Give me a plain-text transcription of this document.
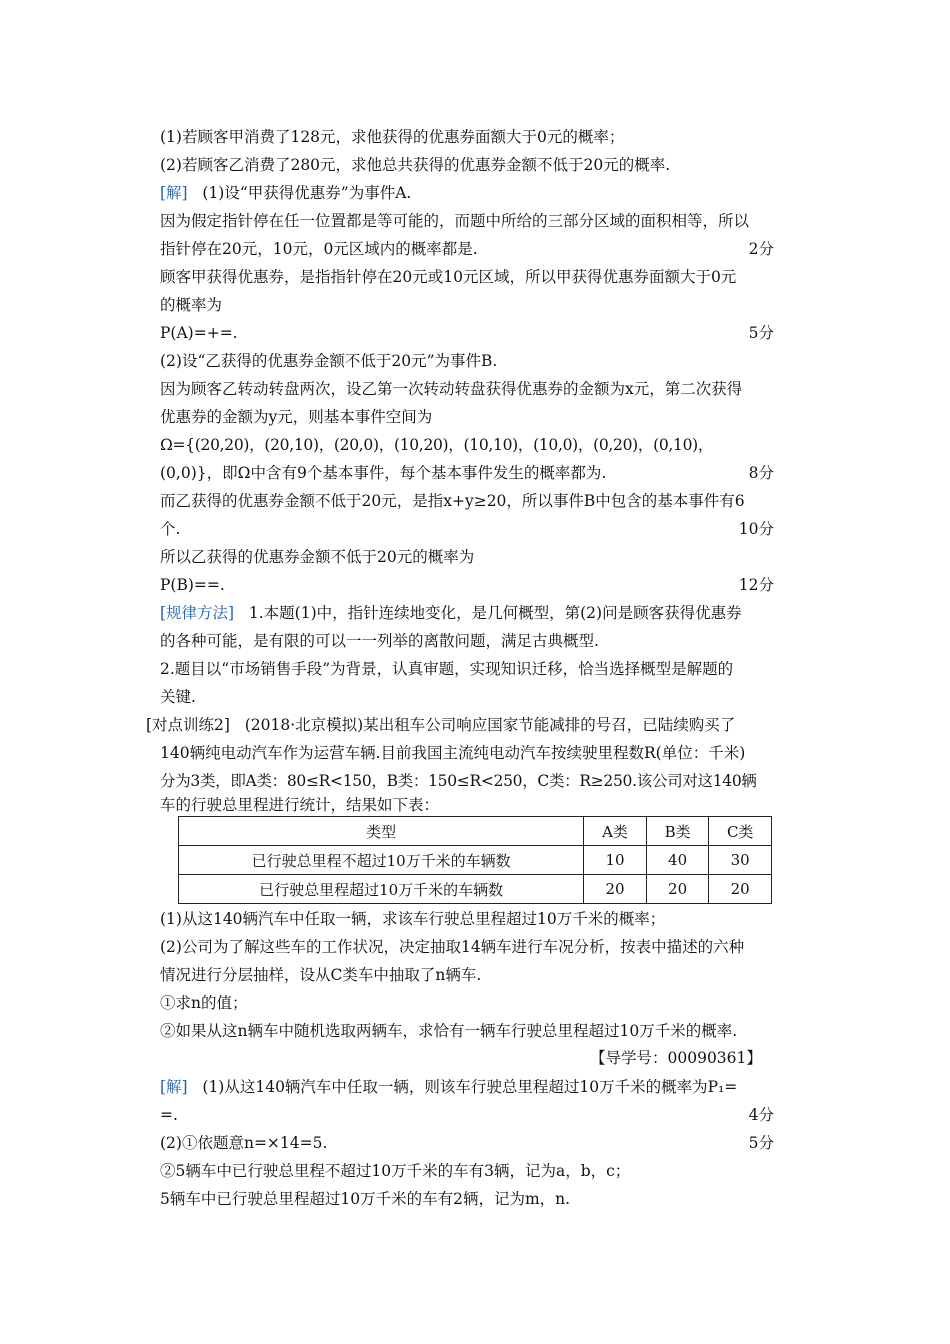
(1)若顾客甲消费了128元，求他获得的优惠券面额大于0元的概率；
(2)若顾客乙消费了280元，求他总共获得的优惠券金额不低于20元的概率.
[解] (1)设“甲获得优惠券”为事件A.
因为假定指针停在任一位置都是等可能的，而题中所给的三部分区域的面积相等，所以
指针停在20元，10元，0元区域内的概率都是.	2分
顾客甲获得优惠券，是指指针停在20元或10元区域，所以甲获得优惠券面额大于0元
的概率为
P(A)=+=.	5分
(2)设“乙获得的优惠券金额不低于20元”为事件B.
因为顾客乙转动转盘两次，设乙第一次转动转盘获得优惠券的金额为x元，第二次获得
优惠券的金额为y元，则基本事件空间为
Ω={(20,20)，(20,10)，(20,0)，(10,20)，(10,10)，(10,0)，(0,20)，(0,10)，
(0,0)}，即Ω中含有9个基本事件，每个基本事件发生的概率都为.	8分
而乙获得的优惠券金额不低于20元，是指x+y≥20，所以事件B中包含的基本事件有6
个.	10分
所以乙获得的优惠券金额不低于20元的概率为
P(B)==.	12分
[规律方法] 1.本题(1)中，指针连续地变化，是几何概型，第(2)问是顾客获得优惠券
的各种可能，是有限的可以一一列举的离散问题，满足古典概型.
2.题目以“市场销售手段”为背景，认真审题，实现知识迁移，恰当选择概型是解题的
关键.
[对点训练2] (2018·北京模拟)某出租车公司响应国家节能减排的号召，已陆续购买了
140辆纯电动汽车作为运营车辆.目前我国主流纯电动汽车按续驶里程数R(单位：千米)
分为3类，即A类：80≤R<150，B类：150≤R<250，C类：R≥250.该公司对这140辆
车的行驶总里程进行统计，结果如下表：
类型	A类	B类	C类
已行驶总里程不超过10万千米的车辆数	10	40	30
已行驶总里程超过10万千米的车辆数	20	20	20
(1)从这140辆汽车中任取一辆，求该车行驶总里程超过10万千米的概率；
(2)公司为了解这些车的工作状况，决定抽取14辆车进行车况分析，按表中描述的六种
情况进行分层抽样，设从C类车中抽取了n辆车.
①求n的值；
②如果从这n辆车中随机选取两辆车，求恰有一辆车行驶总里程超过10万千米的概率.
【导学号：00090361】
[解] (1)从这140辆汽车中任取一辆，则该车行驶总里程超过10万千米的概率为P₁=
=.	4分
(2)①依题意n=×14=5.	5分
②5辆车中已行驶总里程不超过10万千米的车有3辆，记为a，b，c；
5辆车中已行驶总里程超过10万千米的车有2辆，记为m，n.
